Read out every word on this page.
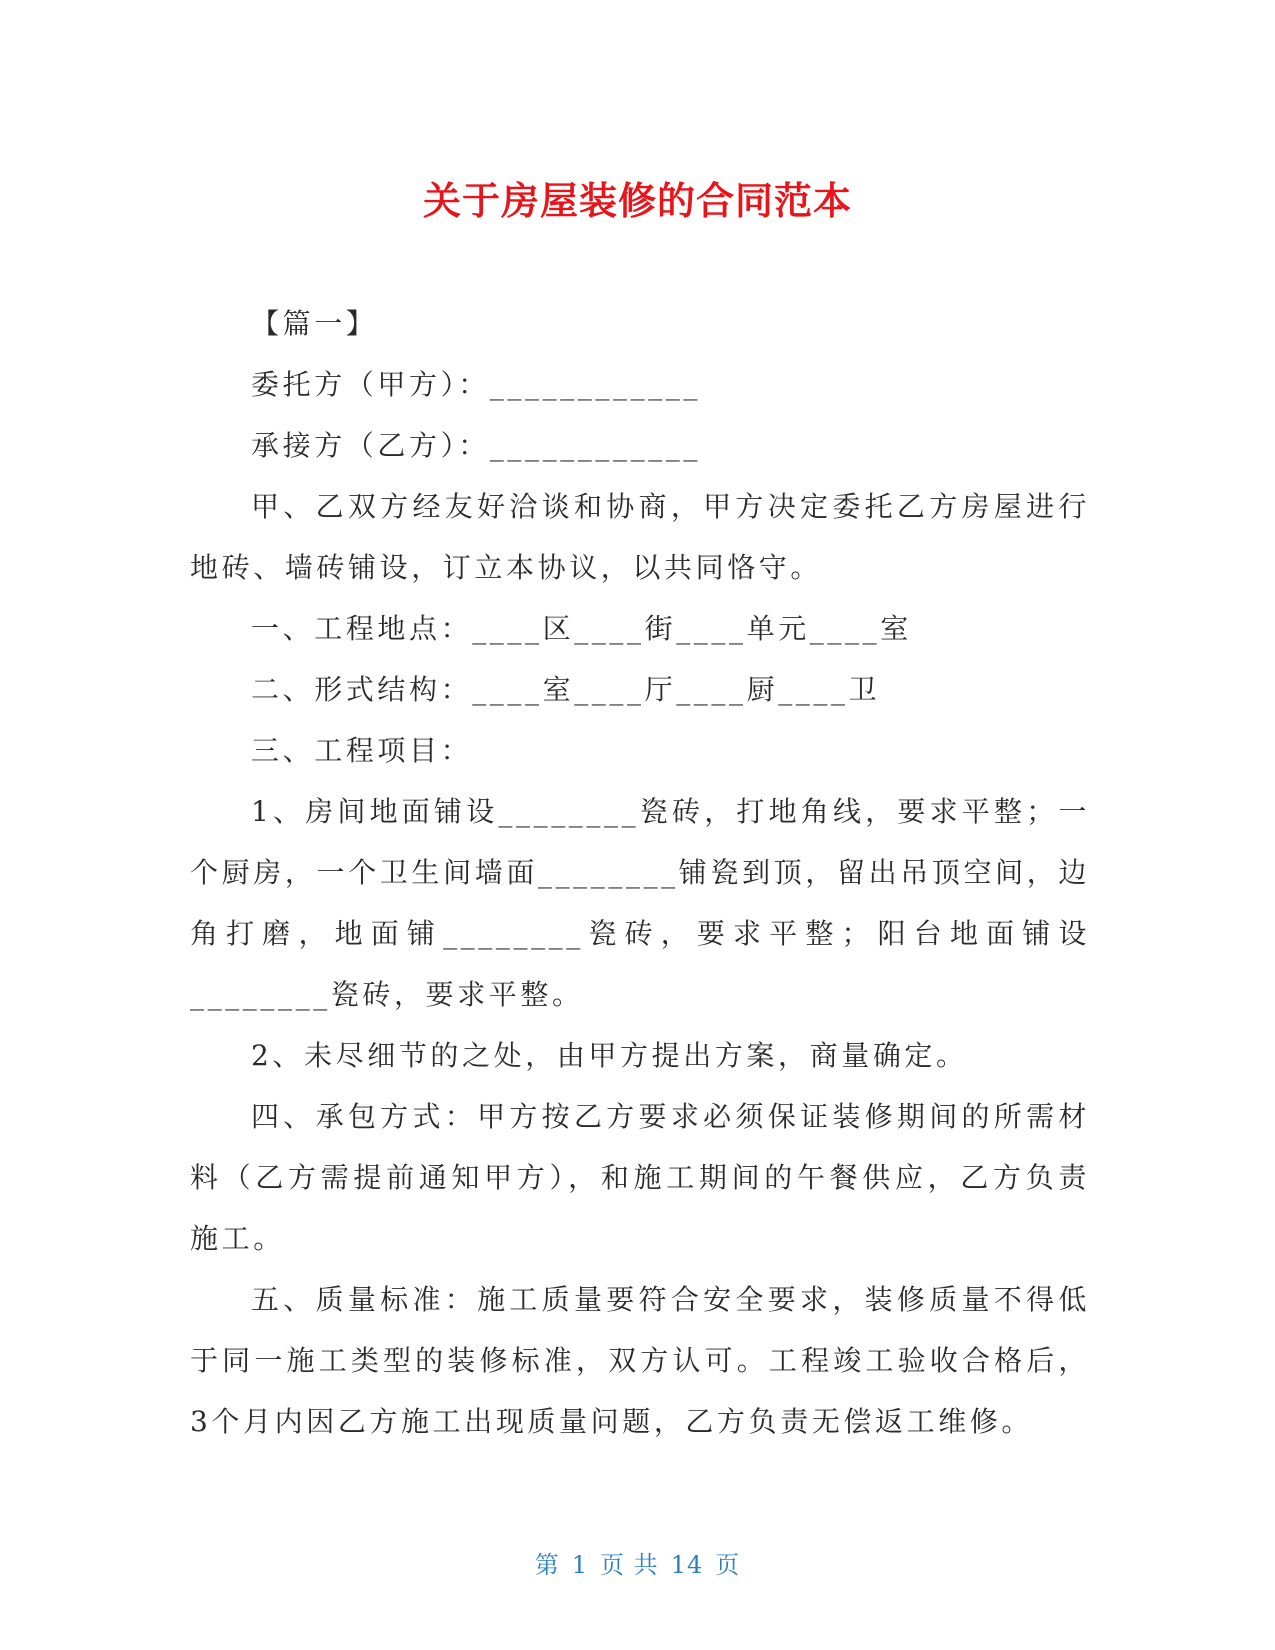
关于房屋装修的合同范本

【篇一】

委托方（甲方）：____________

承接方（乙方）：____________

甲、乙双方经友好洽谈和协商，甲方决定委托乙方房屋进行地砖、墙砖铺设，订立本协议，以共同恪守。

一、工程地点：____区____街____单元____室

二、形式结构：____室____厅____厨____卫

三、工程项目：

1、房间地面铺设________瓷砖，打地角线，要求平整；一个厨房，一个卫生间墙面________铺瓷到顶，留出吊顶空间，边角打磨，地面铺________瓷砖，要求平整；阳台地面铺设________瓷砖，要求平整。

2、未尽细节的之处，由甲方提出方案，商量确定。

四、承包方式：甲方按乙方要求必须保证装修期间的所需材料（乙方需提前通知甲方），和施工期间的午餐供应，乙方负责施工。

五、质量标准：施工质量要符合安全要求，装修质量不得低于同一施工类型的装修标准，双方认可。工程竣工验收合格后，3个月内因乙方施工出现质量问题，乙方负责无偿返工维修。

第 1 页 共 14 页
